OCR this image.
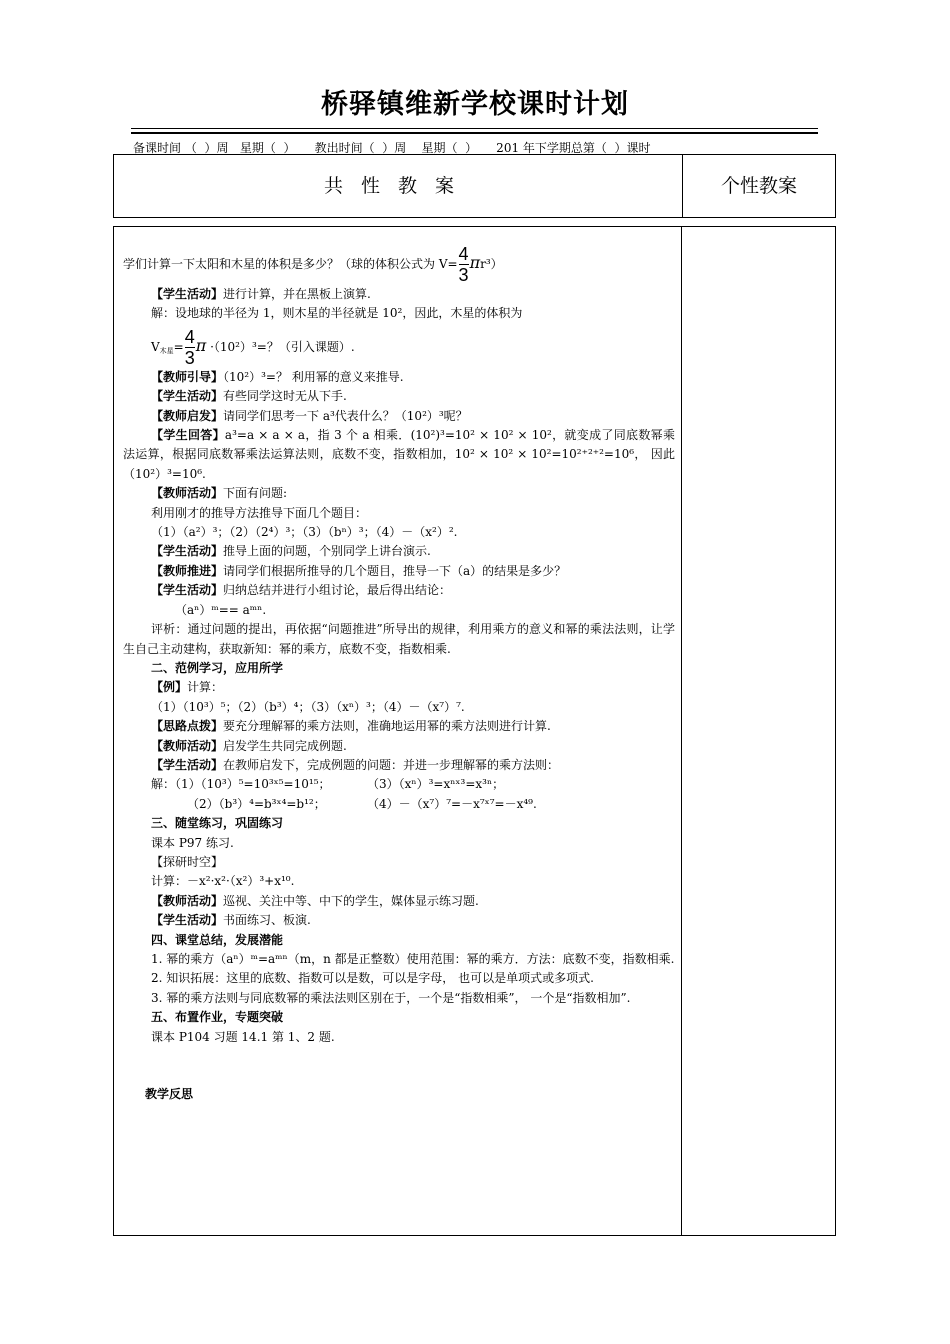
桥驿镇维新学校课时计划
备课时间 （  ）周   星期（  ）     教出时间（  ）周    星期（  ）     201 年下学期总第（  ）课时
共性教案	个性教案
学们计算一下太阳和木星的体积是多少？（球的体积公式为 $V= \frac{4}{3} \pi r^3$）
【学生活动】进行计算，并在黑板上演算.
解：设地球的半径为 1，则木星的半径就是 10²，因此，木星的体积为
$V_{木星}= \frac{4}{3}$ π ·（10²）³=？（引入课题）.
【教师引导】（10²）³=？ 利用幂的意义来推导.
【学生活动】有些同学这时无从下手.
【教师启发】请同学们思考一下 a³代表什么？（10²）³呢？
【学生回答】a³=a × a × a，指 3 个 a 相乘．(10²)³=10² × 10² × 10²，就变成了同底数幂乘法运算，根据同底数幂乘法运算法则，底数不变，指数相加，10² × 10² × 10²=10²⁺²⁺²=10⁶， 因此（10²）³=10⁶.
【教师活动】下面有问题:
利用刚才的推导方法推导下面几个题目：
（1）（a²）³；（2）（2⁴）³；（3）（bⁿ）³；（4）－（x²）².
【学生活动】推导上面的问题，个别同学上讲台演示.
【教师推进】请同学们根据所推导的几个题目，推导一下（a）的结果是多少？
【学生活动】归纳总结并进行小组讨论，最后得出结论：
（aⁿ）ᵐ== aᵐⁿ.
评析：通过问题的提出，再依据“问题推进”所导出的规律，利用乘方的意义和幂的乘法法则，让学生自己主动建构，获取新知：幂的乘方，底数不变，指数相乘.
二、范例学习，应用所学
【例】计算：
（1）（10³）⁵；（2）（b³）⁴；（3）（xⁿ）³；（4）－（x⁷）⁷.
【思路点拨】要充分理解幂的乘方法则，准确地运用幂的乘方法则进行计算.
【教师活动】启发学生共同完成例题.
【学生活动】在教师启发下，完成例题的问题：并进一步理解幂的乘方法则：
解：（1）（10³）⁵=10³ˣ⁵=10¹⁵；	（3）（xⁿ）³=xⁿˣ³=x³ⁿ；
（2）（b³）⁴=b³ˣ⁴=b¹²；	（4）－（x⁷）⁷=－x⁷ˣ⁷=－x⁴⁹.
三、随堂练习，巩固练习
课本 P97 练习.
【探研时空】
计算：－x²·x²·（x²）³+x¹⁰.
【教师活动】巡视、关注中等、中下的学生，媒体显示练习题.
【学生活动】书面练习、板演.
四、课堂总结，发展潜能
1. 幂的乘方（aⁿ）ᵐ=aᵐⁿ（m，n 都是正整数）使用范围：幂的乘方．方法：底数不变，指数相乘.
2. 知识拓展：这里的底数、指数可以是数，可以是字母， 也可以是单项式或多项式.
3. 幂的乘方法则与同底数幂的乘法法则区别在于，一个是“指数相乘”， 一个是“指数相加”.
五、布置作业，专题突破
课本 P104 习题 14.1 第 1、2 题.
教学反思
